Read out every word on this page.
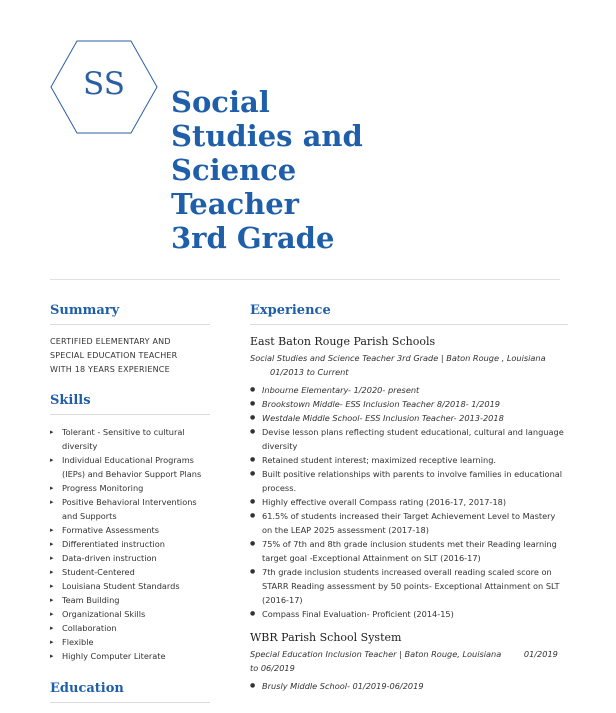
SS	Social
Studies and
Science
Teacher
3rd Grade
Summary
CERTIFIED ELEMENTARY AND
SPECIAL EDUCATION TEACHER
WITH 18 YEARS EXPERIENCE
Skills
▸ Tolerant - Sensitive to cultural diversity
▸ Individual Educational Programs (IEPs) and Behavior Support Plans
▸ Progress Monitoring
▸ Positive Behavioral Interventions and Supports
▸ Formative Assessments
▸ Differentiated instruction
▸ Data-driven instruction
▸ Student-Centered
▸ Louisiana Student Standards
▸ Team Building
▸ Organizational Skills
▸ Collaboration
▸ Flexible
▸ Highly Computer Literate
Education
Experience
East Baton Rouge Parish Schools
Social Studies and Science Teacher 3rd Grade | Baton Rouge , Louisiana 01/2013 to Current
● Inbourne Elementary- 1/2020- present
● Brookstown Middle- ESS Inclusion Teacher 8/2018- 1/2019
● Westdale Middle School- ESS Inclusion Teacher- 2013-2018
● Devise lesson plans reflecting student educational, cultural and language diversity
● Retained student interest; maximized receptive learning.
● Built positive relationships with parents to involve families in educational process.
● Highly effective overall Compass rating (2016-17, 2017-18)
● 61.5% of students increased their Target Achievement Level to Mastery on the LEAP 2025 assessment (2017-18)
● 75% of 7th and 8th grade inclusion students met their Reading learning target goal -Exceptional Attainment on SLT (2016-17)
● 7th grade inclusion students increased overall reading scaled score on STARR Reading assessment by 50 points- Exceptional Attainment on SLT (2016-17)
● Compass Final Evaluation- Proficient (2014-15)
WBR Parish School System
Special Education Inclusion Teacher | Baton Rouge, Louisiana	01/2019 to 06/2019
● Brusly Middle School- 01/2019-06/2019
